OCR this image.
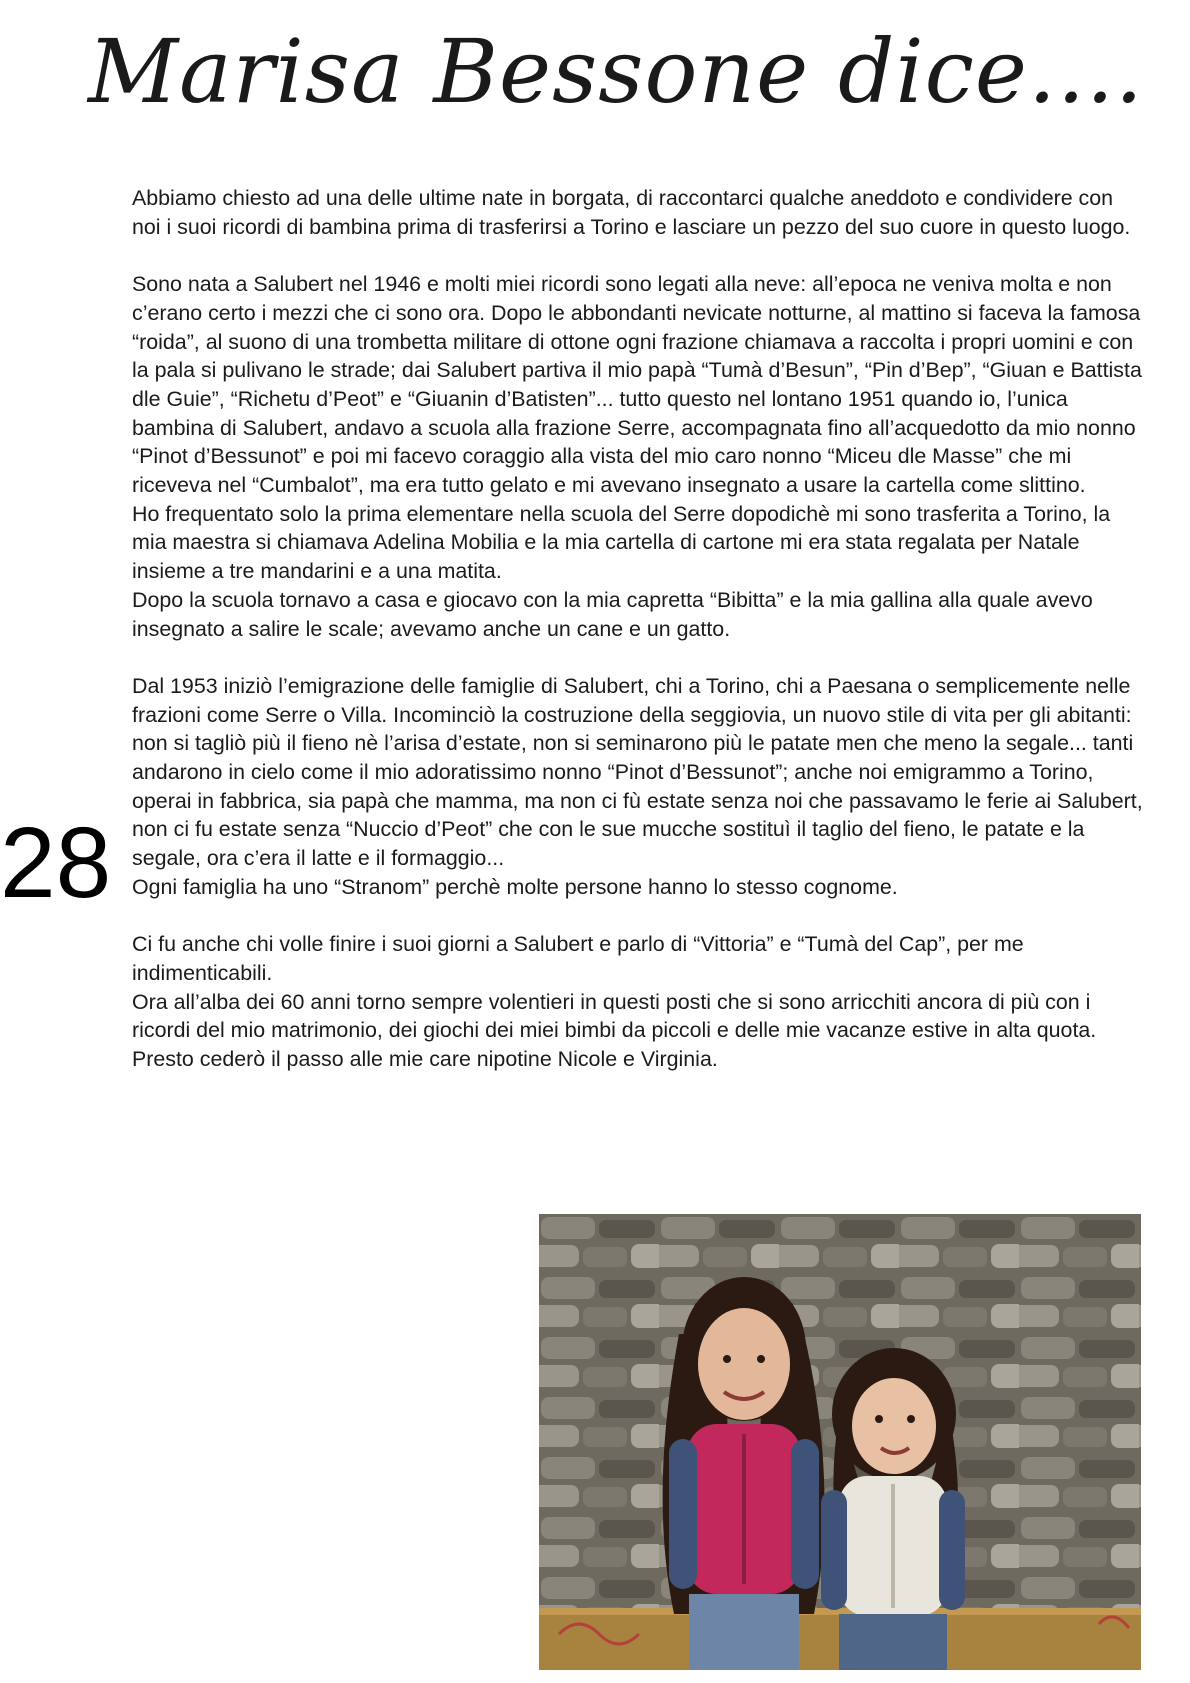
Marisa Bessone dice....

Abbiamo chiesto ad una delle ultime nate in borgata, di raccontarci qualche aneddoto e condividere con noi i suoi ricordi di bambina prima di trasferirsi a Torino e lasciare un pezzo del suo cuore in questo luogo.

Sono nata a Salubert nel 1946 e molti miei ricordi sono legati alla neve: all’epoca ne veniva molta e non c’erano certo i mezzi che ci sono ora. Dopo le abbondanti nevicate notturne, al mattino si faceva la famosa “roida”, al suono di una trombetta militare di ottone ogni frazione chiamava a raccolta i propri uomini e con la pala si pulivano le strade; dai Salubert partiva il mio papà “Tumà d’Besun”, “Pin d’Bep”, “Giuan e Battista dle Guie”, “Richetu d’Peot” e “Giuanin d’Batisten”... tutto questo nel lontano 1951 quando io, l’unica bambina di Salubert, andavo a scuola alla frazione Serre, accompagnata fino all’acquedotto da mio nonno “Pinot d’Bessunot” e poi mi facevo coraggio alla vista del mio caro nonno “Miceu dle Masse” che mi riceveva nel “Cumbalot”, ma era tutto gelato e mi avevano insegnato a usare la cartella come slittino.

Ho frequentato solo la prima elementare nella scuola del Serre dopodichè mi sono trasferita a Torino, la mia maestra si chiamava Adelina Mobilia e la mia cartella di cartone mi era stata regalata per Natale insieme a tre mandarini e a una matita.

Dopo la scuola tornavo a casa e giocavo con la mia capretta “Bibitta” e la mia gallina alla quale avevo insegnato a salire le scale; avevamo anche un cane e un gatto.

Dal 1953 iniziò l’emigrazione delle famiglie di Salubert, chi a Torino, chi a Paesana o semplicemente nelle frazioni come Serre o Villa. Incominciò la costruzione della seggiovia, un nuovo stile di vita per gli abitanti: non si tagliò più il fieno nè l’arisa d’estate, non si seminarono più le patate men che meno la segale... tanti andarono in cielo come il mio adoratissimo nonno “Pinot d’Bessunot”; anche noi emigrammo a Torino, operai in fabbrica, sia papà che mamma, ma non ci fù estate senza noi che passavamo le ferie ai Salubert, non ci fu estate senza “Nuccio d’Peot” che con le sue mucche sostituì il taglio del fieno, le patate e la segale, ora c’era il latte e il formaggio...

Ogni famiglia ha uno “Stranom” perchè molte persone hanno lo stesso cognome.

Ci fu anche chi volle finire i suoi giorni a Salubert e parlo di “Vittoria” e “Tumà del Cap”, per me indimenticabili.

Ora all’alba dei 60 anni torno sempre volentieri in questi posti che si sono arricchiti ancora di più con i ricordi del mio matrimonio, dei giochi dei miei bimbi da piccoli e delle mie vacanze estive in alta quota. Presto cederò il passo alle mie care nipotine Nicole e Virginia.

28
